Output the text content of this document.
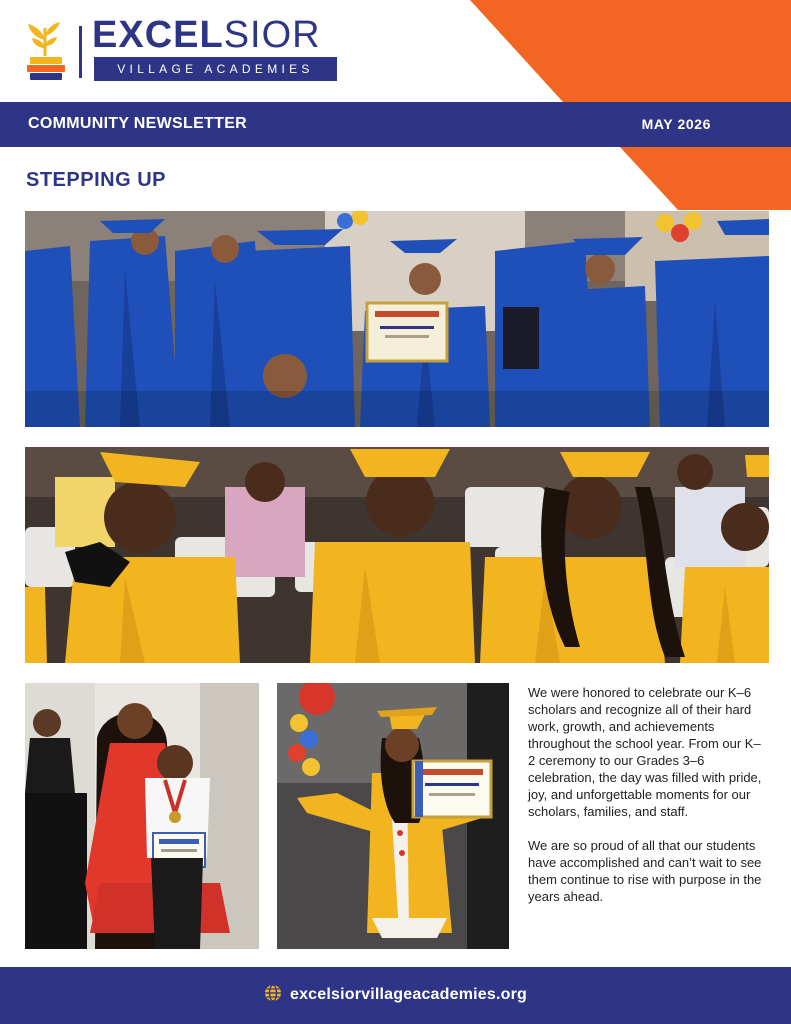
EXCELSIOR
VILLAGE ACADEMIES
COMMUNITY NEWSLETTER	MAY 2026
STEPPING UP

We were honored to celebrate our K–6 scholars and recognize all of their hard work, growth, and achievements throughout the school year. From our K–2 ceremony to our Grades 3–6 celebration, the day was filled with pride, joy, and unforgettable moments for our scholars, families, and staff.

We are so proud of all that our students have accomplished and can’t wait to see them continue to rise with purpose in the years ahead.

excelsiorvillageacademies.org
